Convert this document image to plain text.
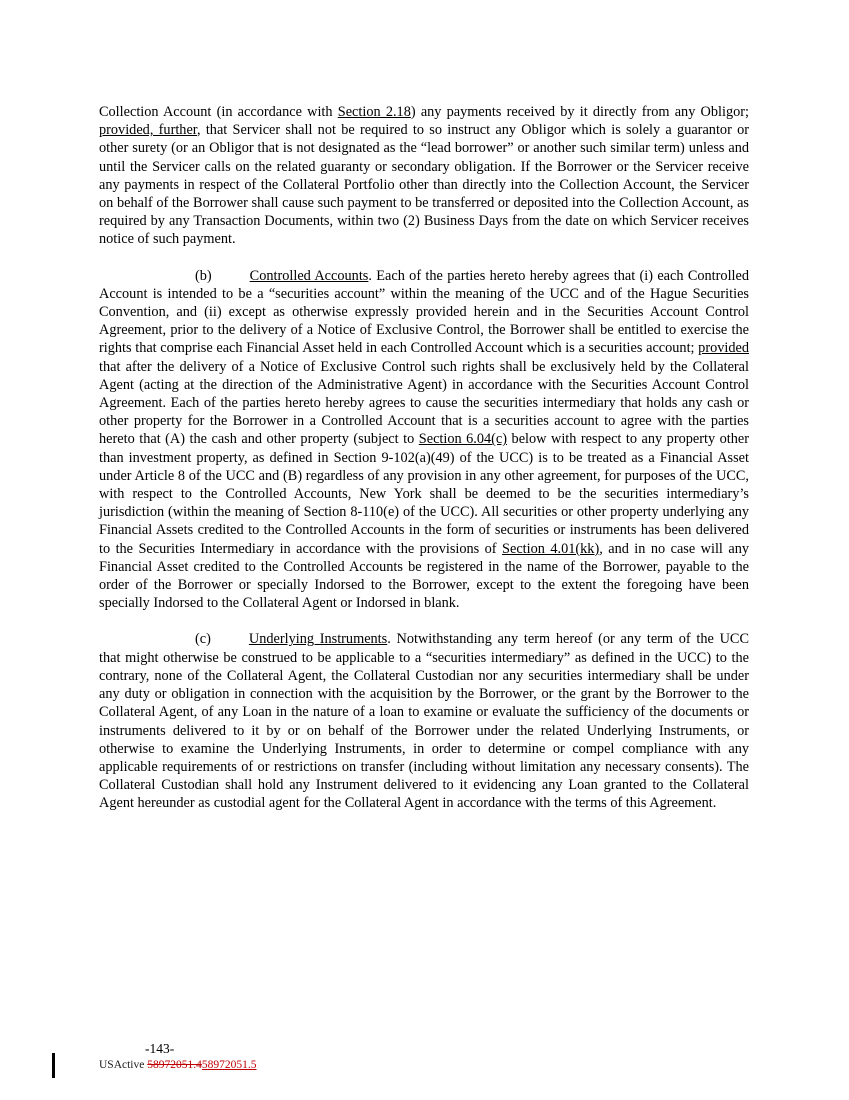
Collection Account (in accordance with Section 2.18) any payments received by it directly from any Obligor; provided, further, that Servicer shall not be required to so instruct any Obligor which is solely a guarantor or other surety (or an Obligor that is not designated as the “lead borrower” or another such similar term) unless and until the Servicer calls on the related guaranty or secondary obligation. If the Borrower or the Servicer receive any payments in respect of the Collateral Portfolio other than directly into the Collection Account, the Servicer on behalf of the Borrower shall cause such payment to be transferred or deposited into the Collection Account, as required by any Transaction Documents, within two (2) Business Days from the date on which Servicer receives notice of such payment.

(b)	Controlled Accounts. Each of the parties hereto hereby agrees that (i) each Controlled Account is intended to be a “securities account” within the meaning of the UCC and of the Hague Securities Convention, and (ii) except as otherwise expressly provided herein and in the Securities Account Control Agreement, prior to the delivery of a Notice of Exclusive Control, the Borrower shall be entitled to exercise the rights that comprise each Financial Asset held in each Controlled Account which is a securities account; provided that after the delivery of a Notice of Exclusive Control such rights shall be exclusively held by the Collateral Agent (acting at the direction of the Administrative Agent) in accordance with the Securities Account Control Agreement. Each of the parties hereto hereby agrees to cause the securities intermediary that holds any cash or other property for the Borrower in a Controlled Account that is a securities account to agree with the parties hereto that (A) the cash and other property (subject to Section 6.04(c) below with respect to any property other than investment property, as defined in Section 9-102(a)(49) of the UCC) is to be treated as a Financial Asset under Article 8 of the UCC and (B) regardless of any provision in any other agreement, for purposes of the UCC, with respect to the Controlled Accounts, New York shall be deemed to be the securities intermediary’s jurisdiction (within the meaning of Section 8-110(e) of the UCC). All securities or other property underlying any Financial Assets credited to the Controlled Accounts in the form of securities or instruments has been delivered to the Securities Intermediary in accordance with the provisions of Section 4.01(kk), and in no case will any Financial Asset credited to the Controlled Accounts be registered in the name of the Borrower, payable to the order of the Borrower or specially Indorsed to the Borrower, except to the extent the foregoing have been specially Indorsed to the Collateral Agent or Indorsed in blank.

(c)	Underlying Instruments. Notwithstanding any term hereof (or any term of the UCC that might otherwise be construed to be applicable to a “securities intermediary” as defined in the UCC) to the contrary, none of the Collateral Agent, the Collateral Custodian nor any securities intermediary shall be under any duty or obligation in connection with the acquisition by the Borrower, or the grant by the Borrower to the Collateral Agent, of any Loan in the nature of a loan to examine or evaluate the sufficiency of the documents or instruments delivered to it by or on behalf of the Borrower under the related Underlying Instruments, or otherwise to examine the Underlying Instruments, in order to determine or compel compliance with any applicable requirements of or restrictions on transfer (including without limitation any necessary consents). The Collateral Custodian shall hold any Instrument delivered to it evidencing any Loan granted to the Collateral Agent hereunder as custodial agent for the Collateral Agent in accordance with the terms of this Agreement.

-143-
USActive 58972051.458972051.5
